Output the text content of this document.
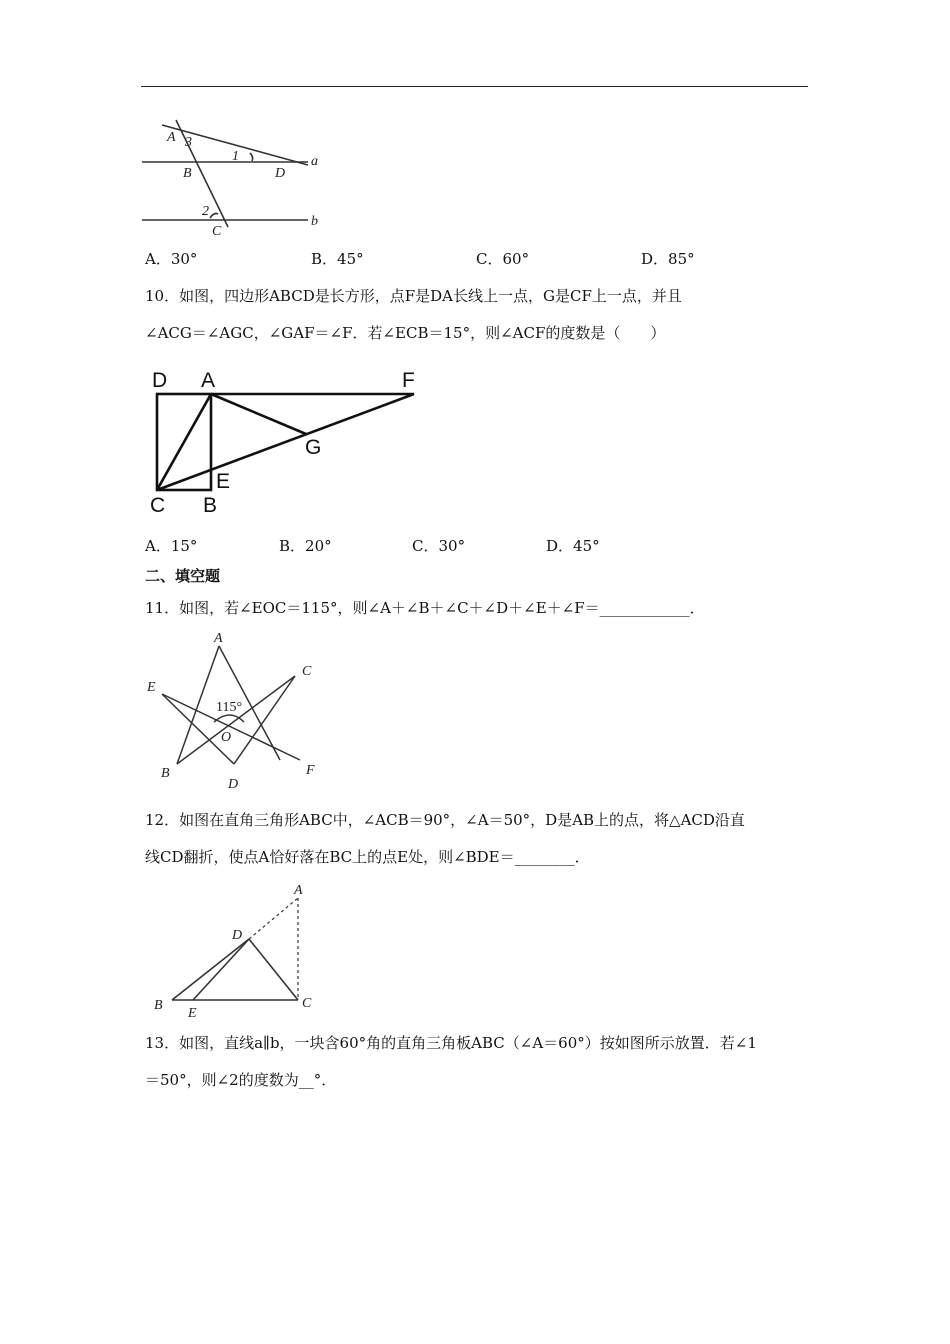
A 3
1	a
B	D
2
b
C
A．30°	B．45°	C．60°	D．85°
10．如图，四边形ABCD是长方形，点F是DA长线上一点，G是CF上一点，并且
∠ACG＝∠AGC，∠GAF＝∠F．若∠ECB＝15°，则∠ACF的度数是（　　）
D A	F
G
E
C B
A．15°	B．20°	C．30°	D．45°
二、填空题
11．如图，若∠EOC＝115°，则∠A＋∠B＋∠C＋∠D＋∠E＋∠F＝____________．
A
C
E
115°
O
B
D
F
12．如图在直角三角形ABC中，∠ACB＝90°，∠A＝50°，D是AB上的点，将△ACD沿直
线CD翻折，使点A恰好落在BC上的点E处，则∠BDE＝________．
A
D
B
E
C
13．如图，直线a∥b，一块含60°角的直角三角板ABC（∠A＝60°）按如图所示放置．若∠1
＝50°，则∠2的度数为__°．
